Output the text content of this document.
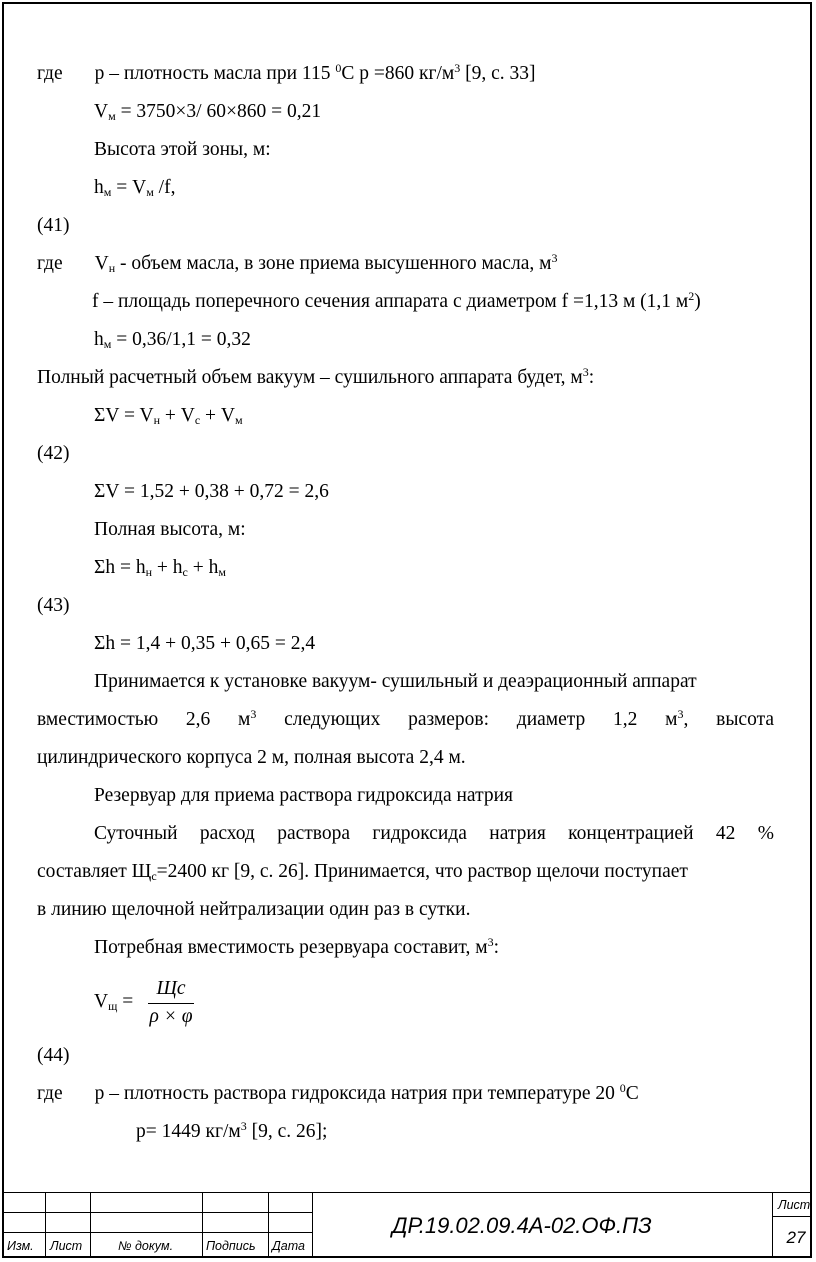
где р – плотность масла при 115 $^0$С р =860 $кг/м^3$ [9, с. 33]
$V_м = 3750\times 3/$ 60×860 = 0,21
Высота этой зоны, м:
$h_м = V_м$ /f,
(41)
где $V_н$ - объем масла, в зоне приема высушенного масла, $м^3$
f – площадь поперечного сечения аппарата с диаметром f =1,13 м (1,1 $м^2$)
$h_м = 0,36/1,1 = 0,32$
Полный расчетный объем вакуум – сушильного аппарата будет, $м^3$:
$\Sigma V = V_н + V_с + V_м$
(42)
ΣV = 1,52 + 0,38 + 0,72 = 2,6
Полная высота, м:
$\Sigma h = h_н + h_с + h_м$
(43)
Σh = 1,4 + 0,35 + 0,65 = 2,4
Принимается к установке вакуум- сушильный и деаэрационный аппарат
вместимостью 2,6 $м^3$ следующих размеров: диаметр 1,2 $м^3$, высота
цилиндрического корпуса 2 м, полная высота 2,4 м.
Резервуар для приема раствора гидроксида натрия
Суточный расход раствора гидроксида натрия концентрацией 42 %
составляет $Щ_с=2400$ кг [9, с. 26]. Принимается, что раствор щелочи поступает
в линию щелочной нейтрализации один раз в сутки.
Потребная вместимость резервуара составит, $м^3$:
$V_щ$ =
Щс
ρ × φ
(44)
где р – плотность раствора гидроксида натрия при температуре 20 $^0$С
р= 1449 $кг/м^3$ [9, с. 26];
Изм. Лист	№ докум.	Подпись Дата
ДР.19.02.09.4А-02.ОФ.ПЗ
Лист
27
